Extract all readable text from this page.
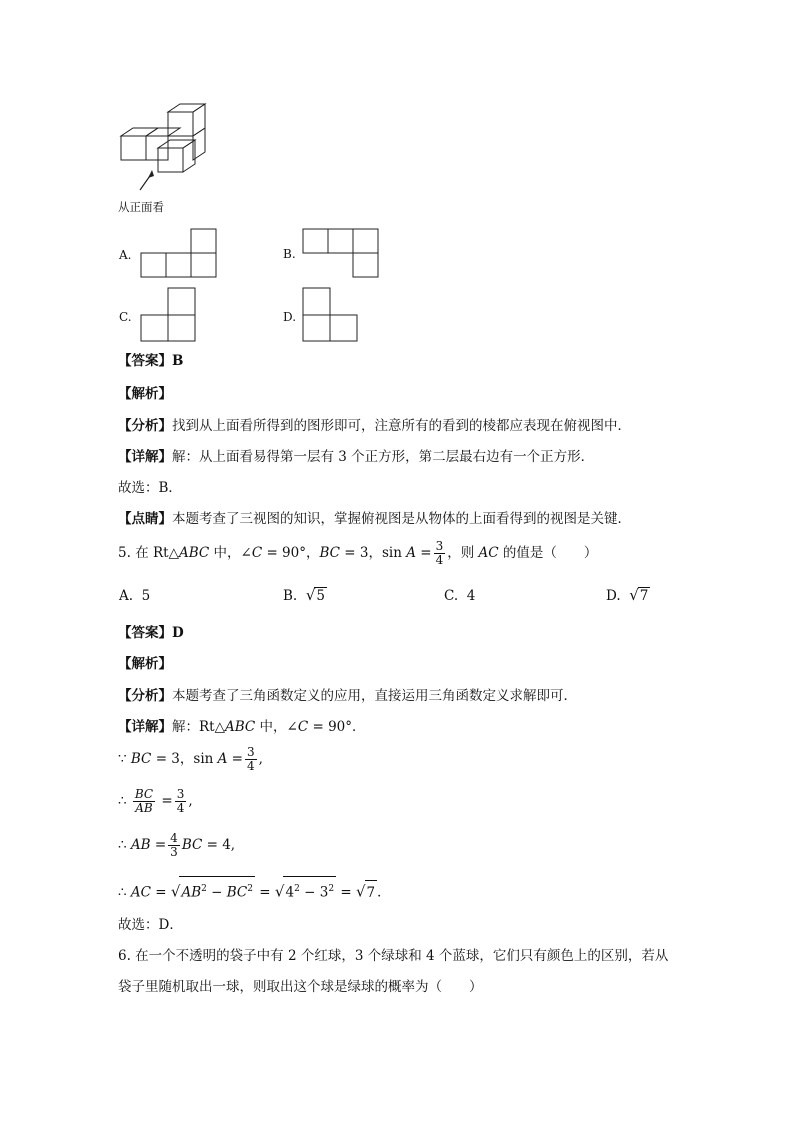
从正面看
A.	B.
C.	D.
【答案】B
【解析】
【分析】找到从上面看所得到的图形即可，注意所有的看到的棱都应表现在俯视图中．
【详解】解：从上面看易得第一层有 3 个正方形，第二层最右边有一个正方形．
故选：B．
【点睛】本题考查了三视图的知识，掌握俯视图是从物体的上面看得到的视图是关键．
5. 在 Rt△ABC 中，∠C = 90°，BC = 3，$\sin A = \frac{3}{4}$ ，则 AC 的值是（　　）
A. 5	B. √5	C. 4	D. √7
【答案】D
【解析】
【分析】本题考查了三角函数定义的应用，直接运用三角函数定义求解即可．
【详解】解：Rt△ABC 中，∠C = 90°．
∵ BC = 3，$\sin A = \frac{3}{4}$ ,
∴ $\frac{BC}{AB} = \frac{3}{4}$ ,
∴ AB = $\frac{4}{3}$ BC = 4,
∴ AC = $√AB^2 - BC^2 = √4^2 - 3^2 = √7$ ．
故选：D．
6. 在一个不透明的袋子中有 2 个红球，3 个绿球和 4 个蓝球，它们只有颜色上的区别，若从
袋子里随机取出一球，则取出这个球是绿球的概率为（　　）
